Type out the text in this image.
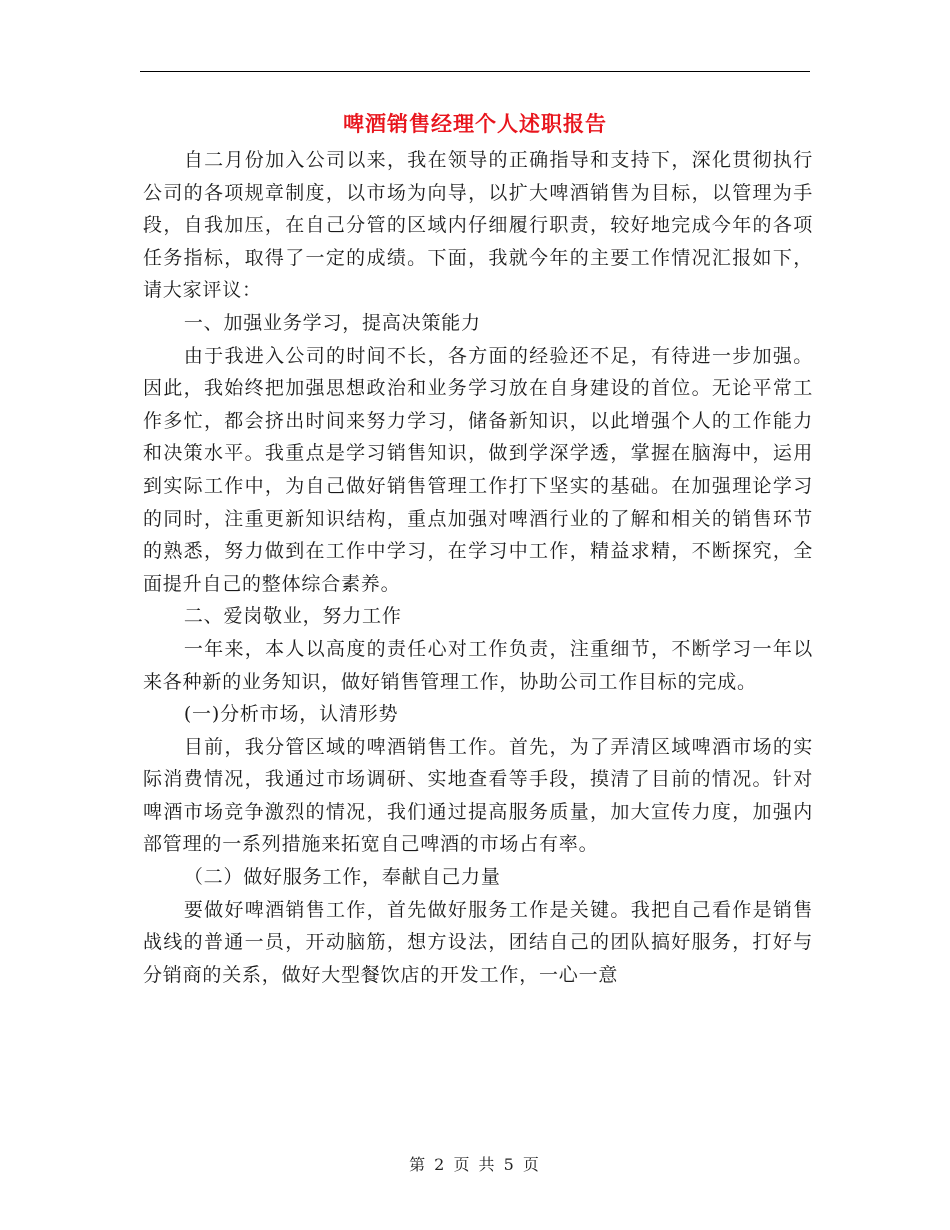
啤酒销售经理个人述职报告

自二月份加入公司以来，我在领导的正确指导和支持下，深化贯彻执行公司的各项规章制度，以市场为向导，以扩大啤酒销售为目标，以管理为手段，自我加压，在自己分管的区域内仔细履行职责，较好地完成今年的各项任务指标，取得了一定的成绩。下面，我就今年的主要工作情况汇报如下，请大家评议：

一、加强业务学习，提高决策能力

由于我进入公司的时间不长，各方面的经验还不足，有待进一步加强。因此，我始终把加强思想政治和业务学习放在自身建设的首位。无论平常工作多忙，都会挤出时间来努力学习，储备新知识，以此增强个人的工作能力和决策水平。我重点是学习销售知识，做到学深学透，掌握在脑海中，运用到实际工作中，为自己做好销售管理工作打下坚实的基础。在加强理论学习的同时，注重更新知识结构，重点加强对啤酒行业的了解和相关的销售环节的熟悉，努力做到在工作中学习，在学习中工作，精益求精，不断探究，全面提升自己的整体综合素养。

二、爱岗敬业，努力工作

一年来，本人以高度的责任心对工作负责，注重细节，不断学习一年以来各种新的业务知识，做好销售管理工作，协助公司工作目标的完成。

(一)分析市场，认清形势

目前，我分管区域的啤酒销售工作。首先，为了弄清区域啤酒市场的实际消费情况，我通过市场调研、实地查看等手段，摸清了目前的情况。针对啤酒市场竞争激烈的情况，我们通过提高服务质量，加大宣传力度，加强内部管理的一系列措施来拓宽自己啤酒的市场占有率。

（二）做好服务工作，奉献自己力量

要做好啤酒销售工作，首先做好服务工作是关键。我把自己看作是销售战线的普通一员，开动脑筋，想方设法，团结自己的团队搞好服务，打好与分销商的关系，做好大型餐饮店的开发工作，一心一意

第 2 页 共 5 页
